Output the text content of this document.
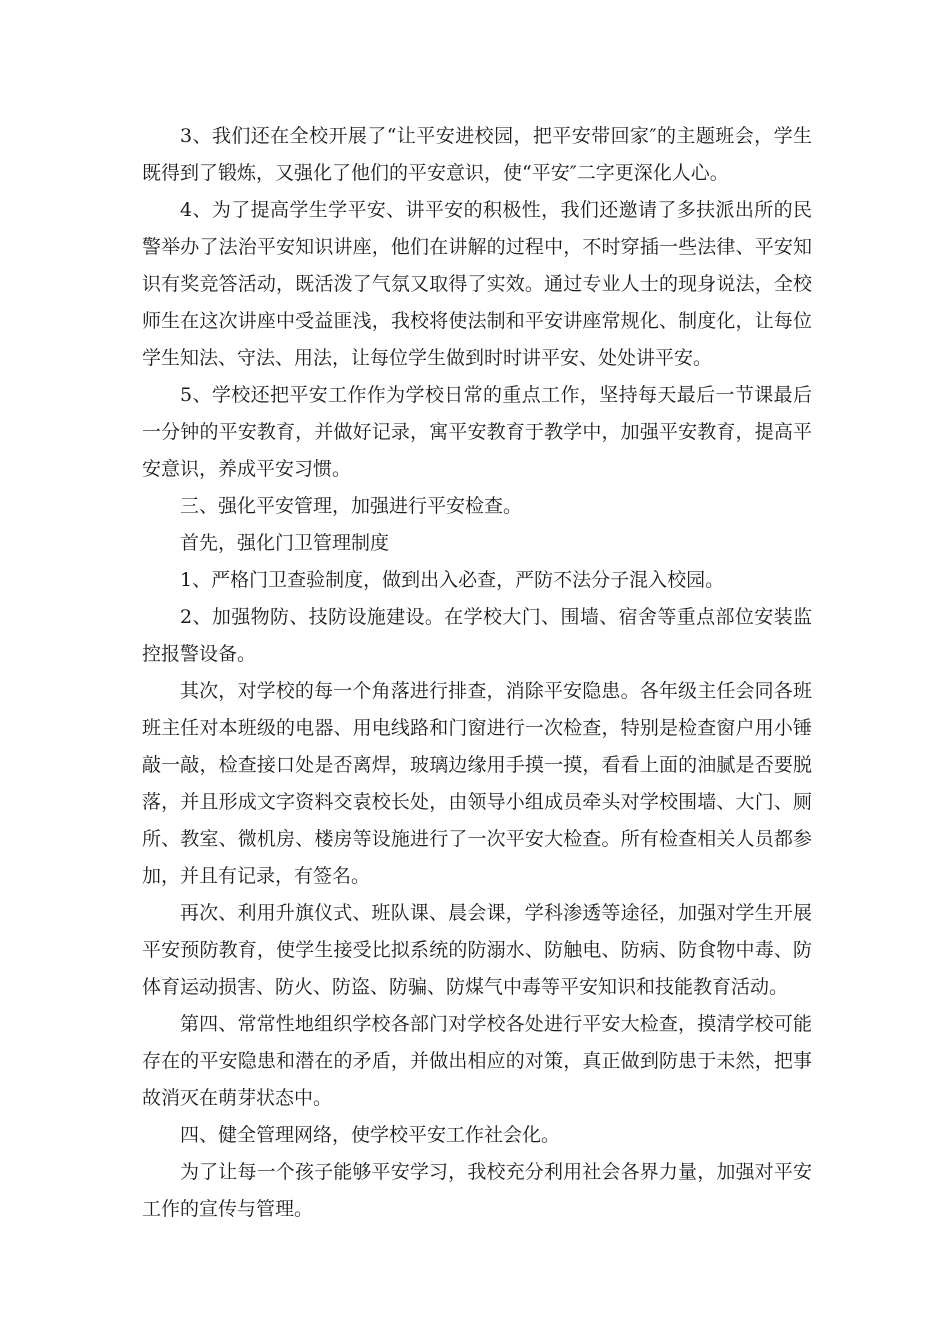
3、我们还在全校开展了“让平安进校园，把平安带回家″的主题班会，学生既得到了锻炼，又强化了他们的平安意识，使“平安″二字更深化人心。

4、为了提高学生学平安、讲平安的积极性，我们还邀请了多扶派出所的民警举办了法治平安知识讲座，他们在讲解的过程中，不时穿插一些法律、平安知识有奖竞答活动，既活泼了气氛又取得了实效。通过专业人士的现身说法，全校师生在这次讲座中受益匪浅，我校将使法制和平安讲座常规化、制度化，让每位学生知法、守法、用法，让每位学生做到时时讲平安、处处讲平安。

5、学校还把平安工作作为学校日常的重点工作，坚持每天最后一节课最后一分钟的平安教育，并做好记录，寓平安教育于教学中，加强平安教育，提高平安意识，养成平安习惯。

三、强化平安管理，加强进行平安检查。

首先，强化门卫管理制度

1、严格门卫查验制度，做到出入必查，严防不法分子混入校园。

2、加强物防、技防设施建设。在学校大门、围墙、宿舍等重点部位安装监控报警设备。

其次，对学校的每一个角落进行排查，消除平安隐患。各年级主任会同各班班主任对本班级的电器、用电线路和门窗进行一次检查，特别是检查窗户用小锤敲一敲，检查接口处是否离焊，玻璃边缘用手摸一摸，看看上面的油腻是否要脱落，并且形成文字资料交袁校长处，由领导小组成员牵头对学校围墙、大门、厕所、教室、微机房、楼房等设施进行了一次平安大检查。所有检查相关人员都参加，并且有记录，有签名。

再次、利用升旗仪式、班队课、晨会课，学科渗透等途径，加强对学生开展平安预防教育，使学生接受比拟系统的防溺水、防触电、防病、防食物中毒、防体育运动损害、防火、防盗、防骗、防煤气中毒等平安知识和技能教育活动。

第四、常常性地组织学校各部门对学校各处进行平安大检查，摸清学校可能存在的平安隐患和潜在的矛盾，并做出相应的对策，真正做到防患于未然，把事故消灭在萌芽状态中。

四、健全管理网络，使学校平安工作社会化。

为了让每一个孩子能够平安学习，我校充分利用社会各界力量，加强对平安工作的宣传与管理。
